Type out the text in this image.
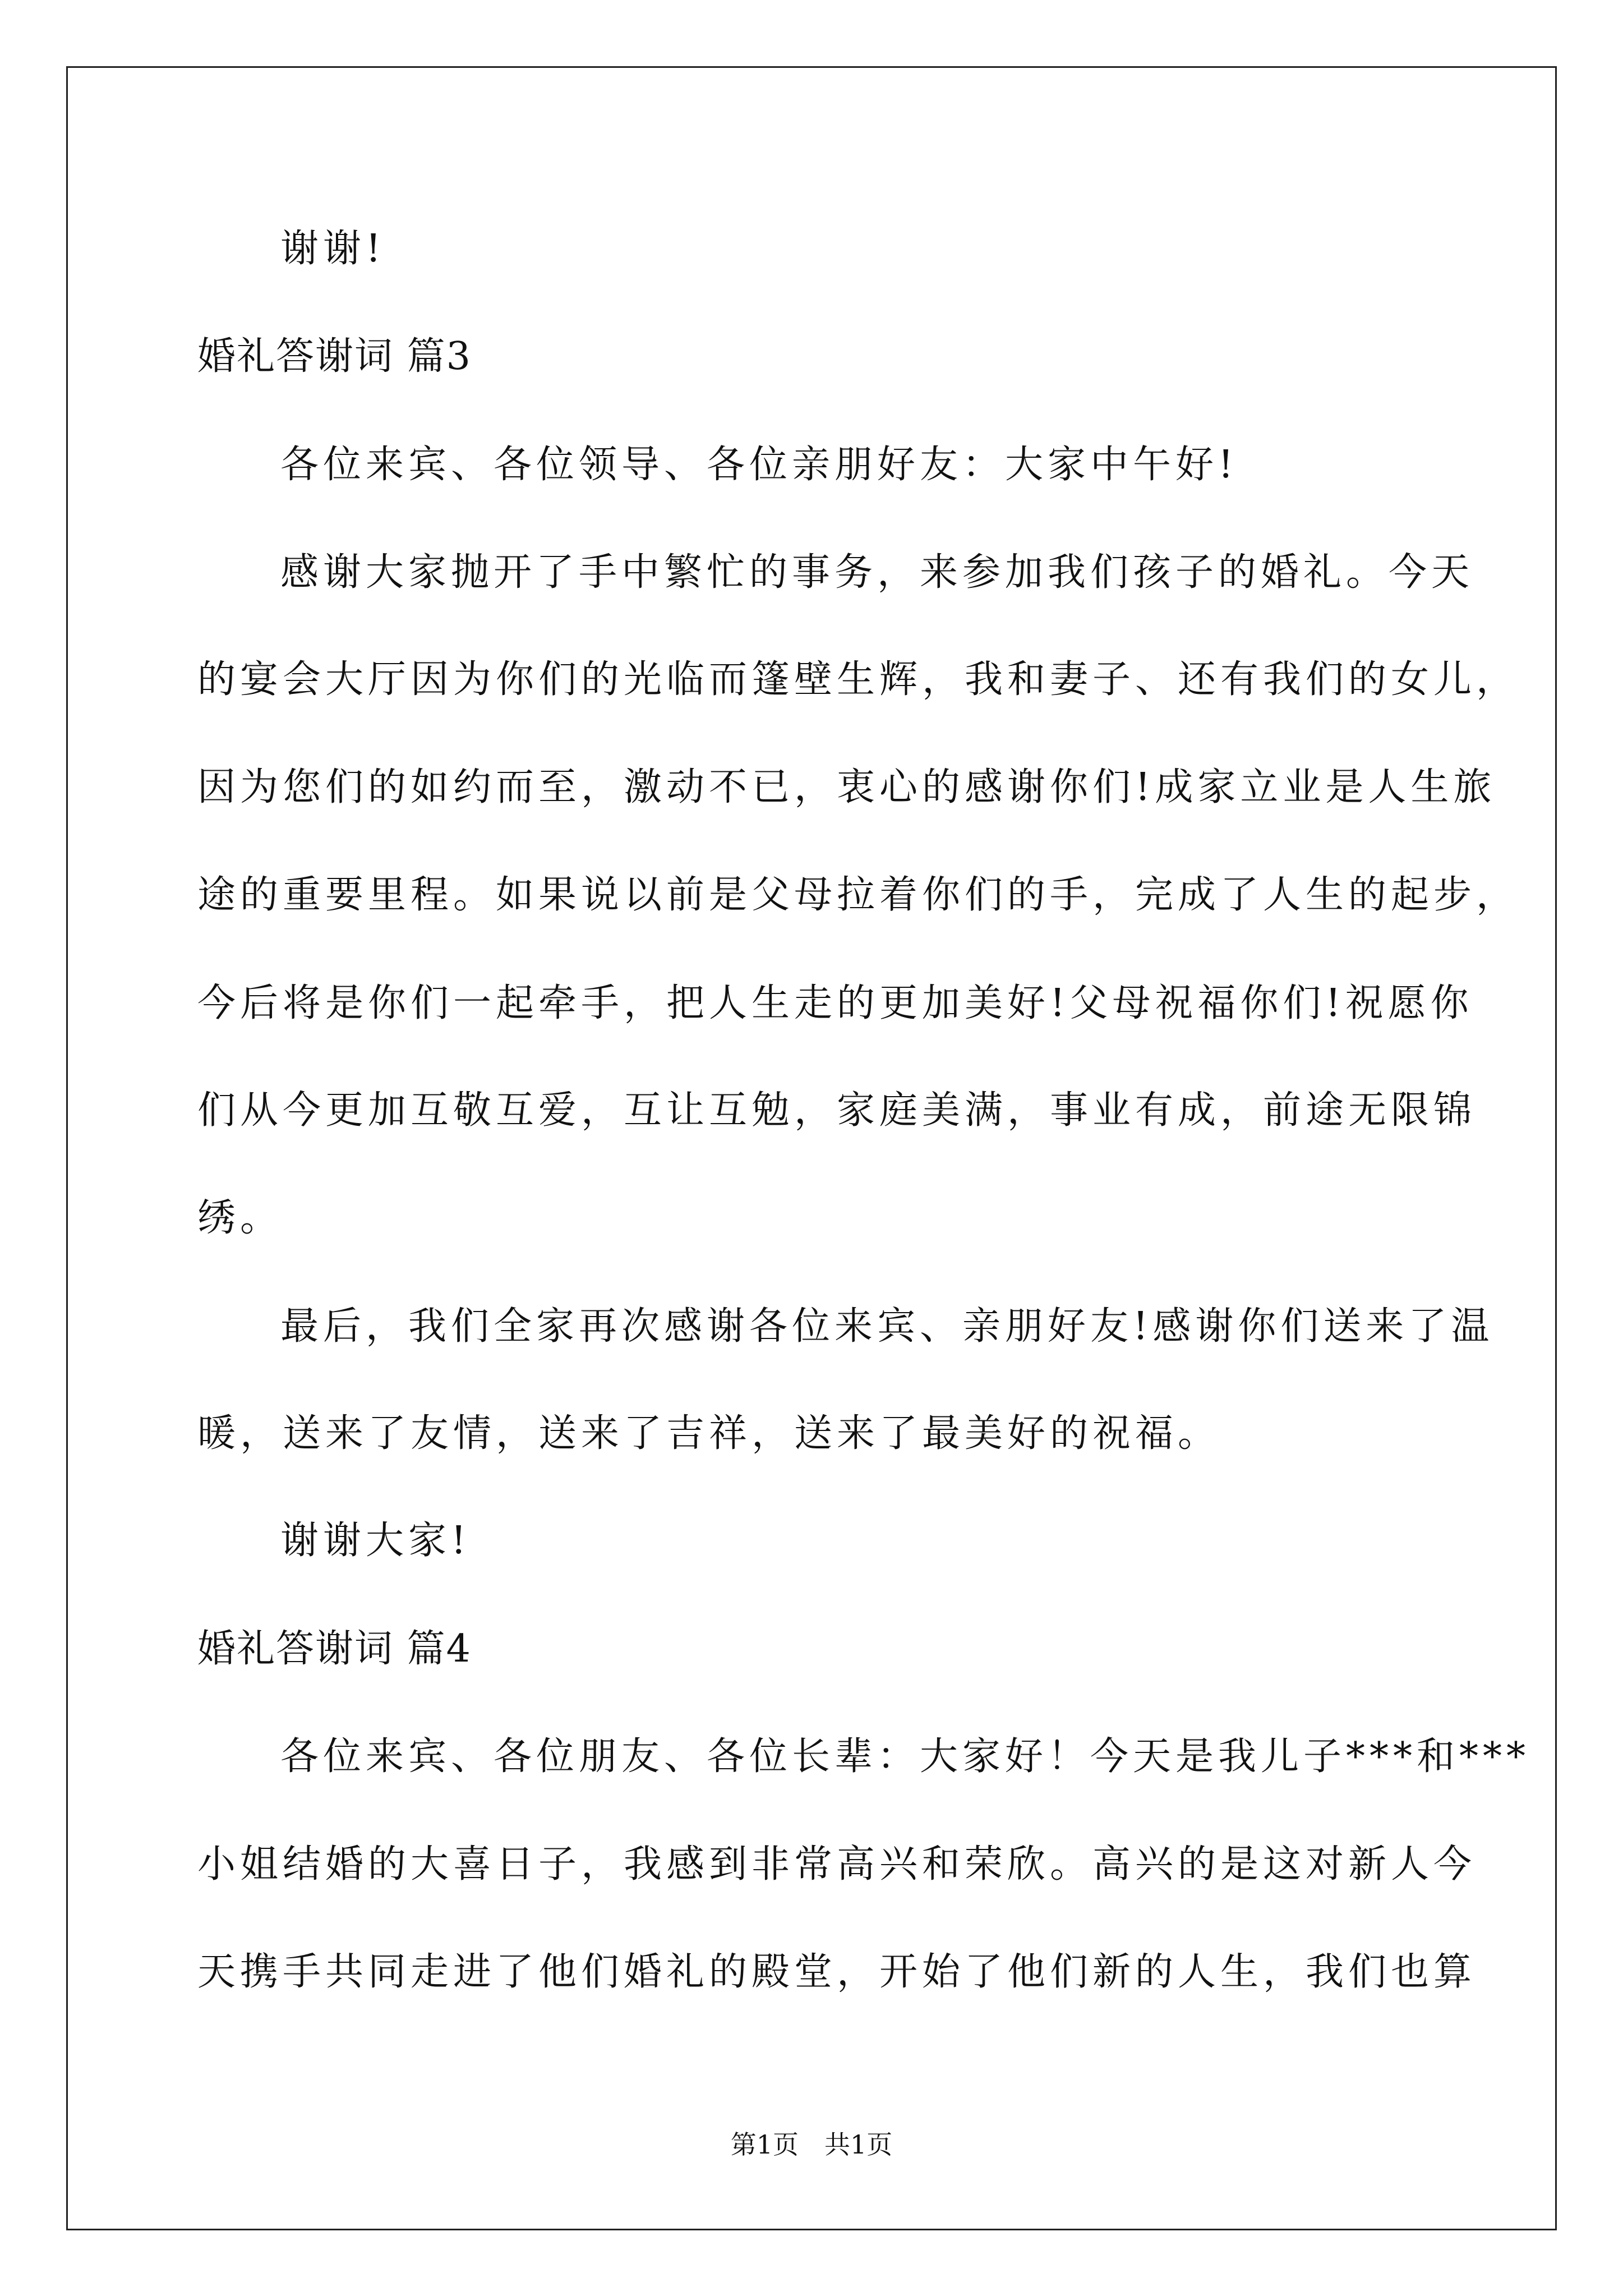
谢谢!
婚礼答谢词 篇3
各位来宾、各位领导、各位亲朋好友：大家中午好!
感谢大家抛开了手中繁忙的事务，来参加我们孩子的婚礼。今天
的宴会大厅因为你们的光临而篷壁生辉，我和妻子、还有我们的女儿，
因为您们的如约而至，激动不已，衷心的感谢你们!成家立业是人生旅
途的重要里程。如果说以前是父母拉着你们的手，完成了人生的起步，
今后将是你们一起牵手，把人生走的更加美好!父母祝福你们!祝愿你
们从今更加互敬互爱，互让互勉，家庭美满，事业有成，前途无限锦
绣。
最后，我们全家再次感谢各位来宾、亲朋好友!感谢你们送来了温
暖，送来了友情，送来了吉祥，送来了最美好的祝福。
谢谢大家!
婚礼答谢词 篇4
各位来宾、各位朋友、各位长辈：大家好！今天是我儿子***和***
小姐结婚的大喜日子，我感到非常高兴和荣欣。高兴的是这对新人今
天携手共同走进了他们婚礼的殿堂，开始了他们新的人生，我们也算
第1页　共1页
